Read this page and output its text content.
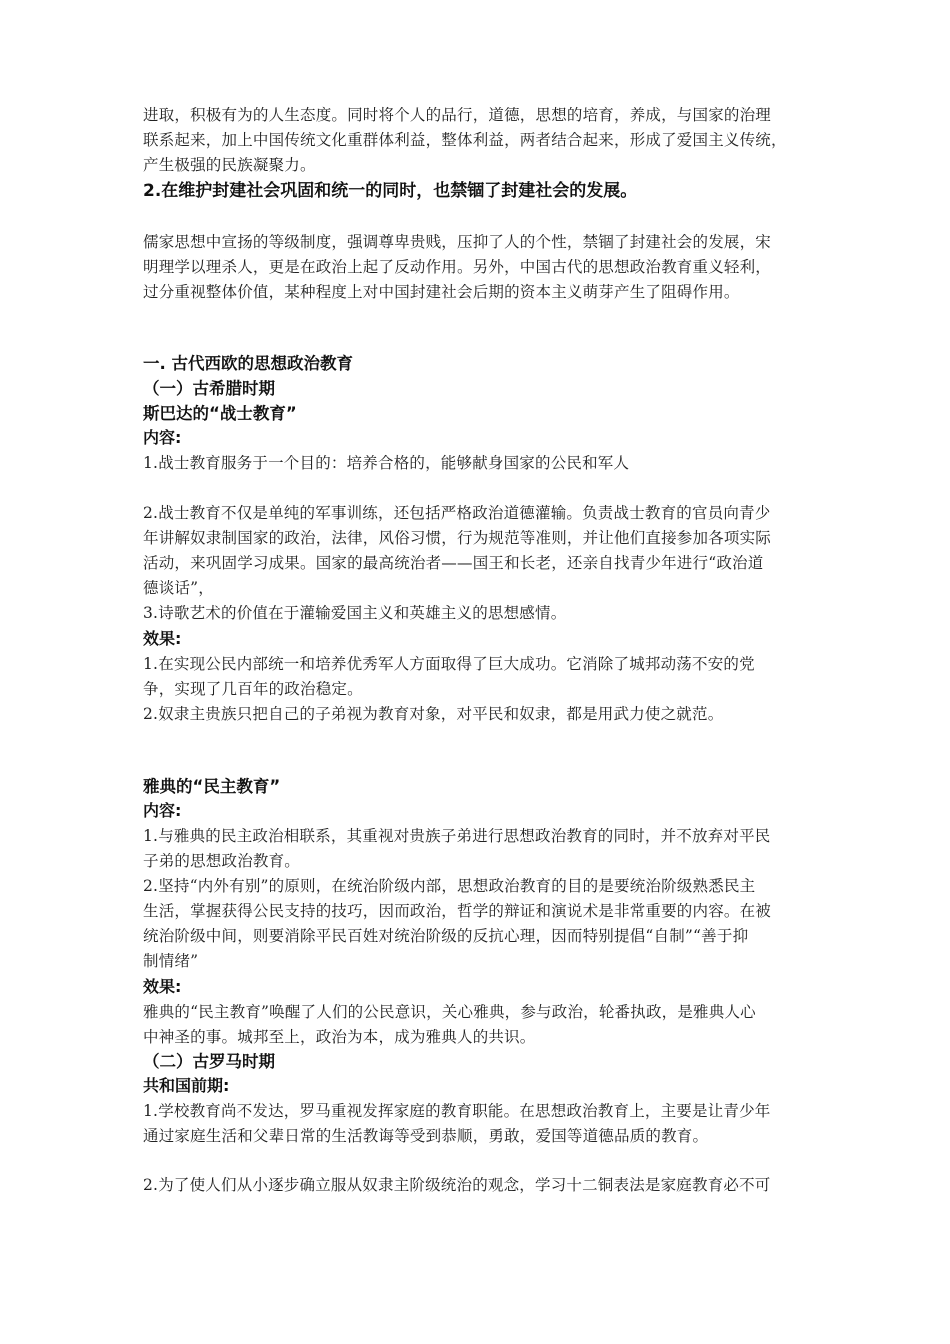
进取，积极有为的人生态度。同时将个人的品行，道德，思想的培育，养成，与国家的治理
联系起来，加上中国传统文化重群体利益，整体利益，两者结合起来，形成了爱国主义传统，
产生极强的民族凝聚力。
2.在维护封建社会巩固和统一的同时，也禁锢了封建社会的发展。
儒家思想中宣扬的等级制度，强调尊卑贵贱，压抑了人的个性，禁锢了封建社会的发展，宋
明理学以理杀人，更是在政治上起了反动作用。另外，中国古代的思想政治教育重义轻利，
过分重视整体价值，某种程度上对中国封建社会后期的资本主义萌芽产生了阻碍作用。
一. 古代西欧的思想政治教育
（一）古希腊时期
斯巴达的“战士教育”
内容:
1.战士教育服务于一个目的：培养合格的，能够献身国家的公民和军人
2.战士教育不仅是单纯的军事训练，还包括严格政治道德灌输。负责战士教育的官员向青少
年讲解奴隶制国家的政治，法律，风俗习惯，行为规范等准则，并让他们直接参加各项实际
活动，来巩固学习成果。国家的最高统治者——国王和长老，还亲自找青少年进行“政治道
德谈话”，
3.诗歌艺术的价值在于灌输爱国主义和英雄主义的思想感情。
效果:
1.在实现公民内部统一和培养优秀军人方面取得了巨大成功。它消除了城邦动荡不安的党
争，实现了几百年的政治稳定。
2.奴隶主贵族只把自己的子弟视为教育对象，对平民和奴隶，都是用武力使之就范。
雅典的“民主教育”
内容:
1.与雅典的民主政治相联系，其重视对贵族子弟进行思想政治教育的同时，并不放弃对平民
子弟的思想政治教育。
2.坚持“内外有别”的原则，在统治阶级内部，思想政治教育的目的是要统治阶级熟悉民主
生活，掌握获得公民支持的技巧，因而政治，哲学的辩证和演说术是非常重要的内容。在被
统治阶级中间，则要消除平民百姓对统治阶级的反抗心理，因而特别提倡“自制”“善于抑
制情绪”
效果:
雅典的“民主教育”唤醒了人们的公民意识，关心雅典，参与政治，轮番执政，是雅典人心
中神圣的事。城邦至上，政治为本，成为雅典人的共识。
（二）古罗马时期
共和国前期:
1.学校教育尚不发达，罗马重视发挥家庭的教育职能。在思想政治教育上，主要是让青少年
通过家庭生活和父辈日常的生活教诲等受到恭顺，勇敢，爱国等道德品质的教育。
2.为了使人们从小逐步确立服从奴隶主阶级统治的观念，学习十二铜表法是家庭教育必不可
